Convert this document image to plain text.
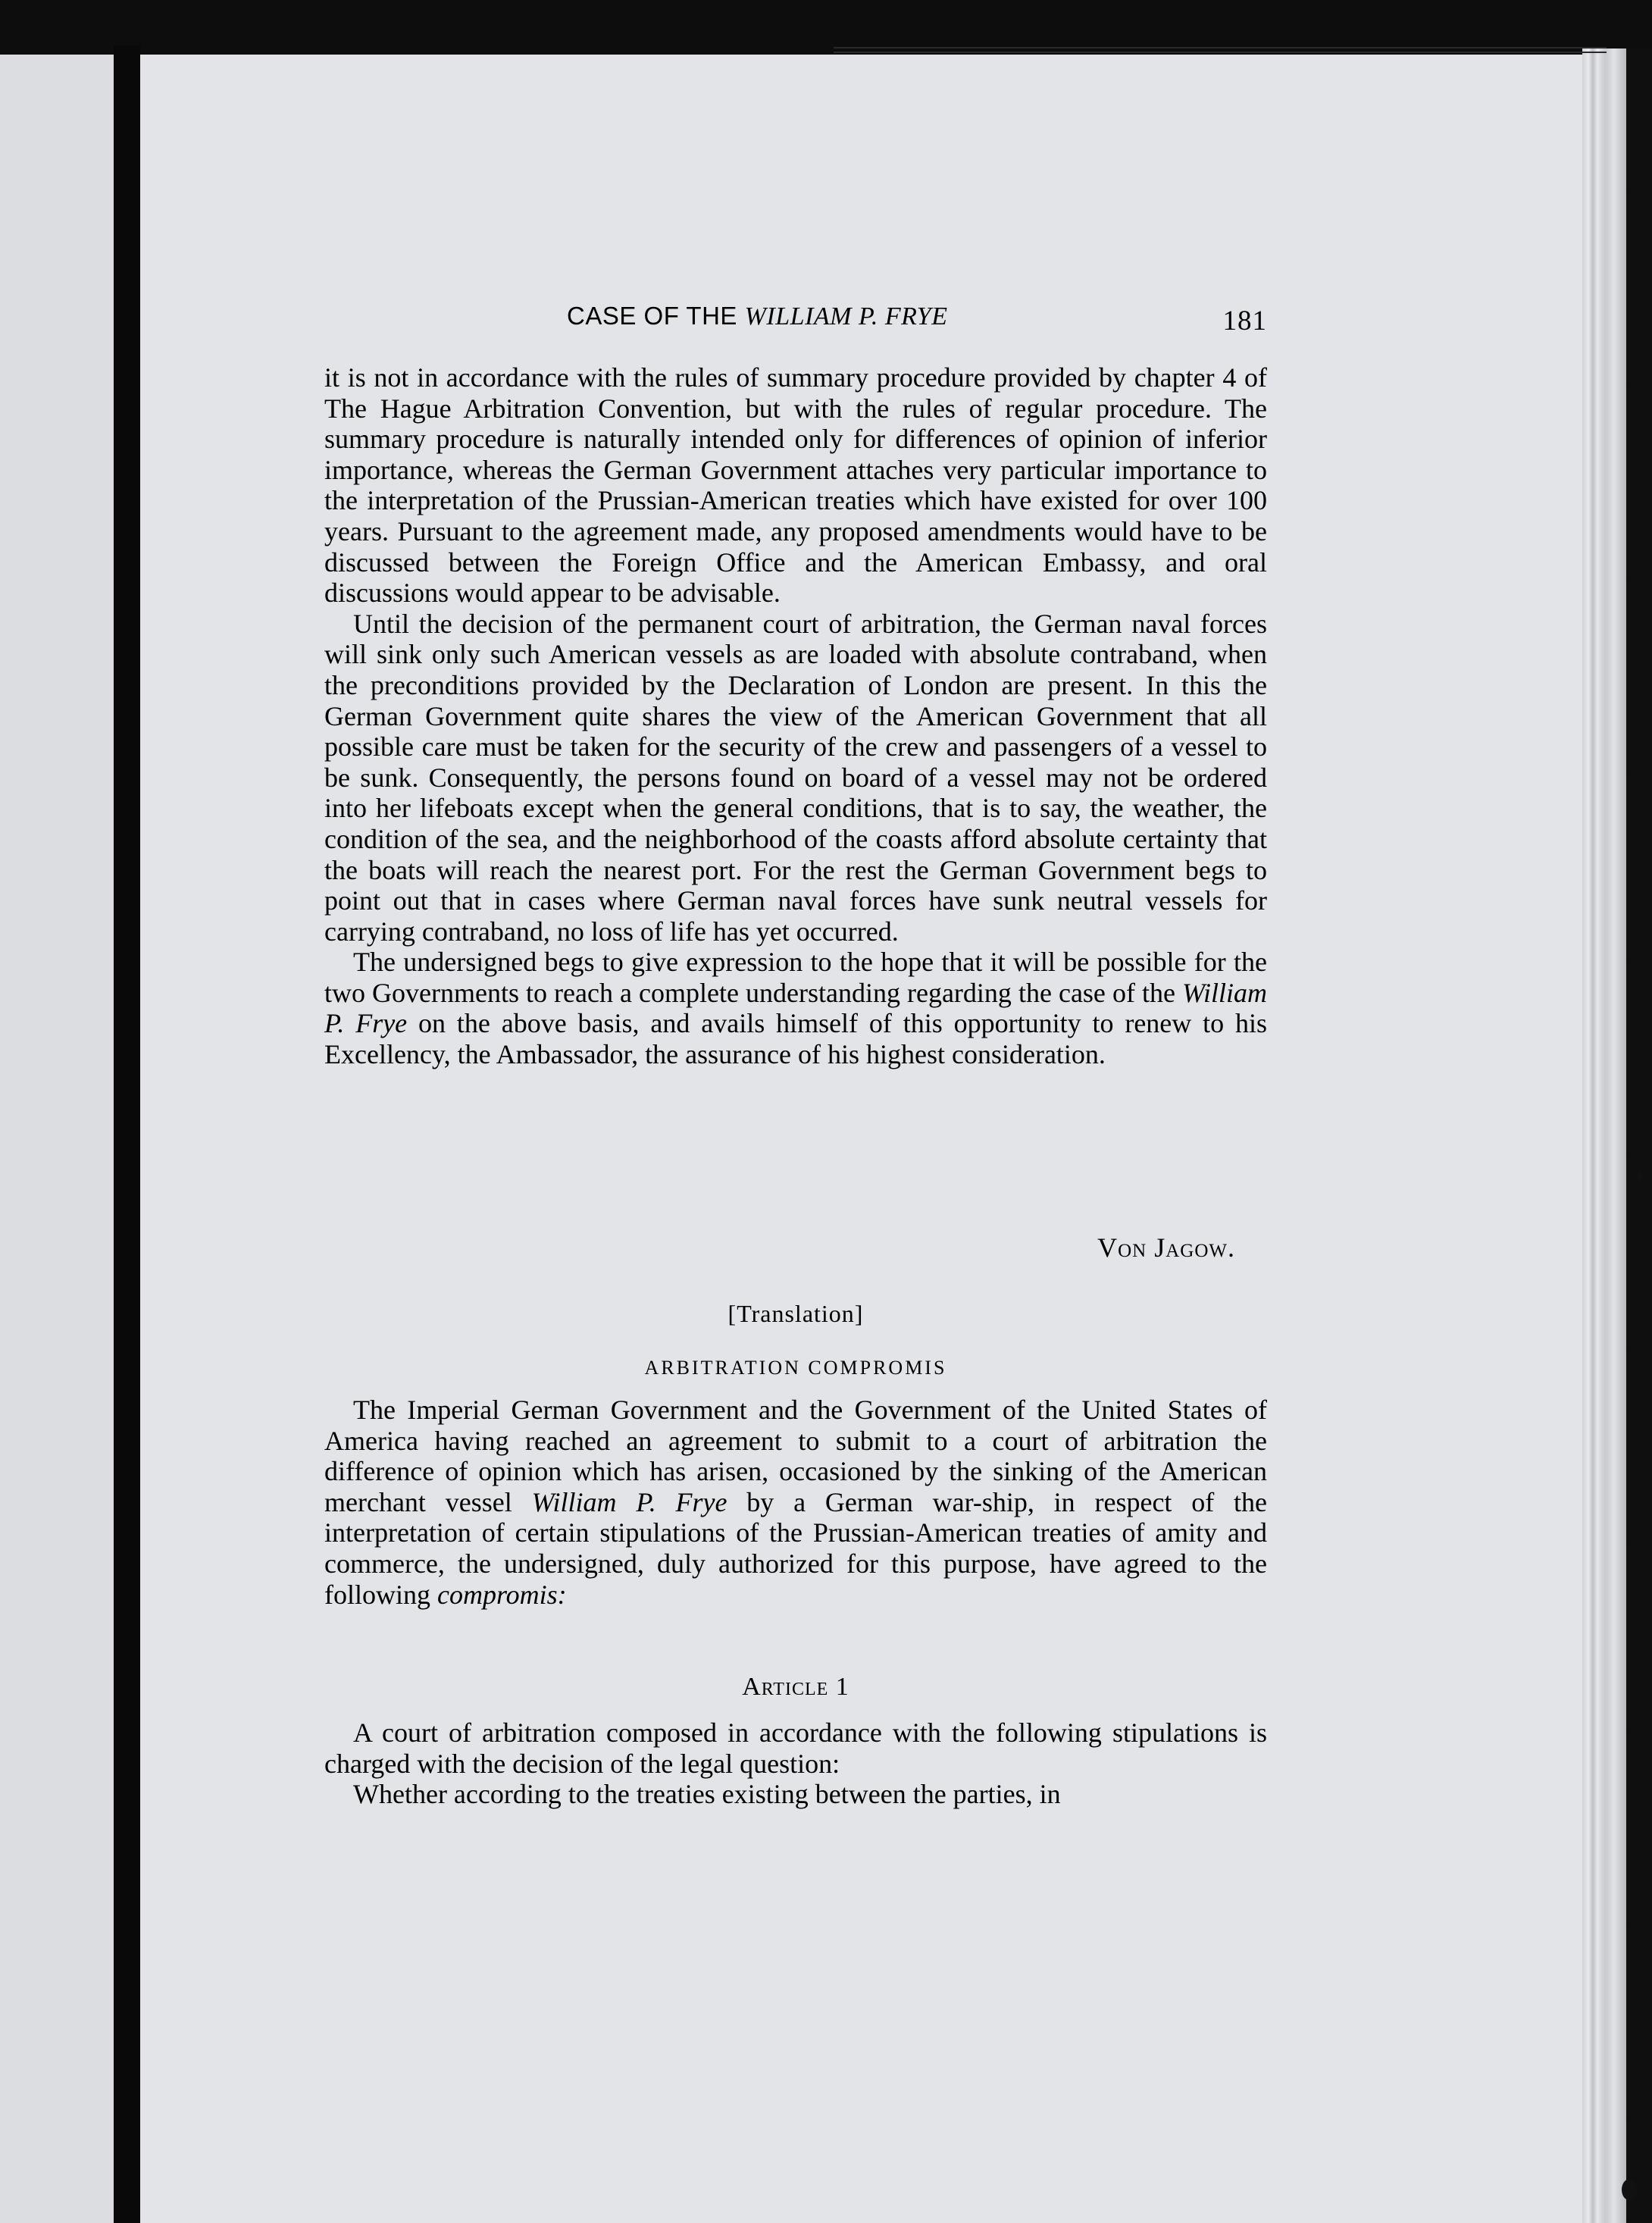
CASE OF THE WILLIAM P. FRYE	181

it is not in accordance with the rules of summary procedure provided by chapter 4 of The Hague Arbitration Convention, but with the rules of regular procedure. The summary procedure is naturally intended only for differences of opinion of inferior importance, whereas the German Government attaches very particular importance to the interpretation of the Prussian-American treaties which have existed for over 100 years. Pursuant to the agreement made, any proposed amendments would have to be discussed between the Foreign Office and the American Embassy, and oral discussions would appear to be advisable.

Until the decision of the permanent court of arbitration, the German naval forces will sink only such American vessels as are loaded with absolute contraband, when the preconditions provided by the Declaration of London are present. In this the German Government quite shares the view of the American Government that all possible care must be taken for the security of the crew and passengers of a vessel to be sunk. Consequently, the persons found on board of a vessel may not be ordered into her lifeboats except when the general conditions, that is to say, the weather, the condition of the sea, and the neighborhood of the coasts afford absolute certainty that the boats will reach the nearest port. For the rest the German Government begs to point out that in cases where German naval forces have sunk neutral vessels for carrying contraband, no loss of life has yet occurred.

The undersigned begs to give expression to the hope that it will be possible for the two Governments to reach a complete understanding regarding the case of the William P. Frye on the above basis, and avails himself of this opportunity to renew to his Excellency, the Ambassador, the assurance of his highest consideration.

Von Jagow.
[Translation]
ARBITRATION COMPROMIS

The Imperial German Government and the Government of the United States of America having reached an agreement to submit to a court of arbitration the difference of opinion which has arisen, occasioned by the sinking of the American merchant vessel William P. Frye by a German war-ship, in respect of the interpretation of certain stipulations of the Prussian-American treaties of amity and commerce, the undersigned, duly authorized for this purpose, have agreed to the following compromis:

Article 1

A court of arbitration composed in accordance with the following stipulations is charged with the decision of the legal question:

Whether according to the treaties existing between the parties, in
